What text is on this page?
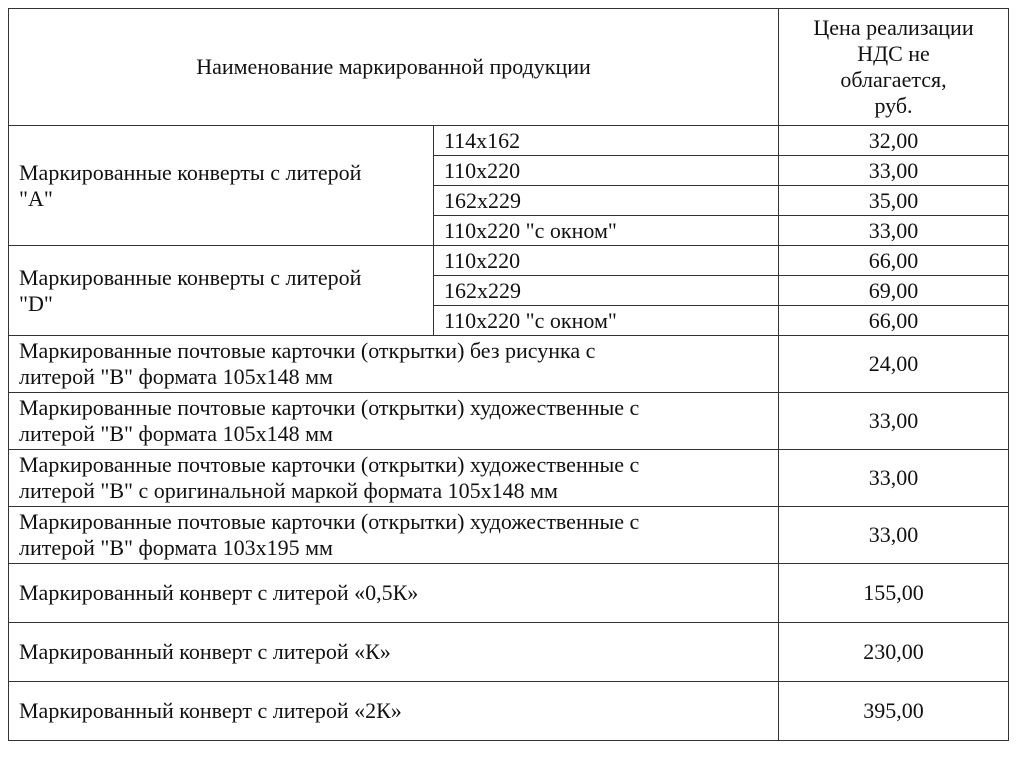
Наименование маркированной продукции		Цена реализации
НДС не
облагается,
руб.

Маркированные конверты с литерой
"А"	114x162	32,00
	110x220	33,00
	162x229	35,00
	110x220 "с окном"	33,00

Маркированные конверты с литерой
"D"	110x220	66,00
	162x229	69,00
	110x220 "с окном"	66,00

Маркированные почтовые карточки (открытки) без рисунка с
литерой "В" формата 105х148 мм		24,00

Маркированные почтовые карточки (открытки) художественные с
литерой "В" формата 105х148 мм		33,00

Маркированные почтовые карточки (открытки) художественные с
литерой "В" с оригинальной маркой формата 105х148 мм		33,00

Маркированные почтовые карточки (открытки) художественные с
литерой "В" формата 103х195 мм		33,00
Маркированный конверт с литерой «0,5К»		155,00
Маркированный конверт с литерой «К»		230,00
Маркированный конверт с литерой «2К»		395,00
